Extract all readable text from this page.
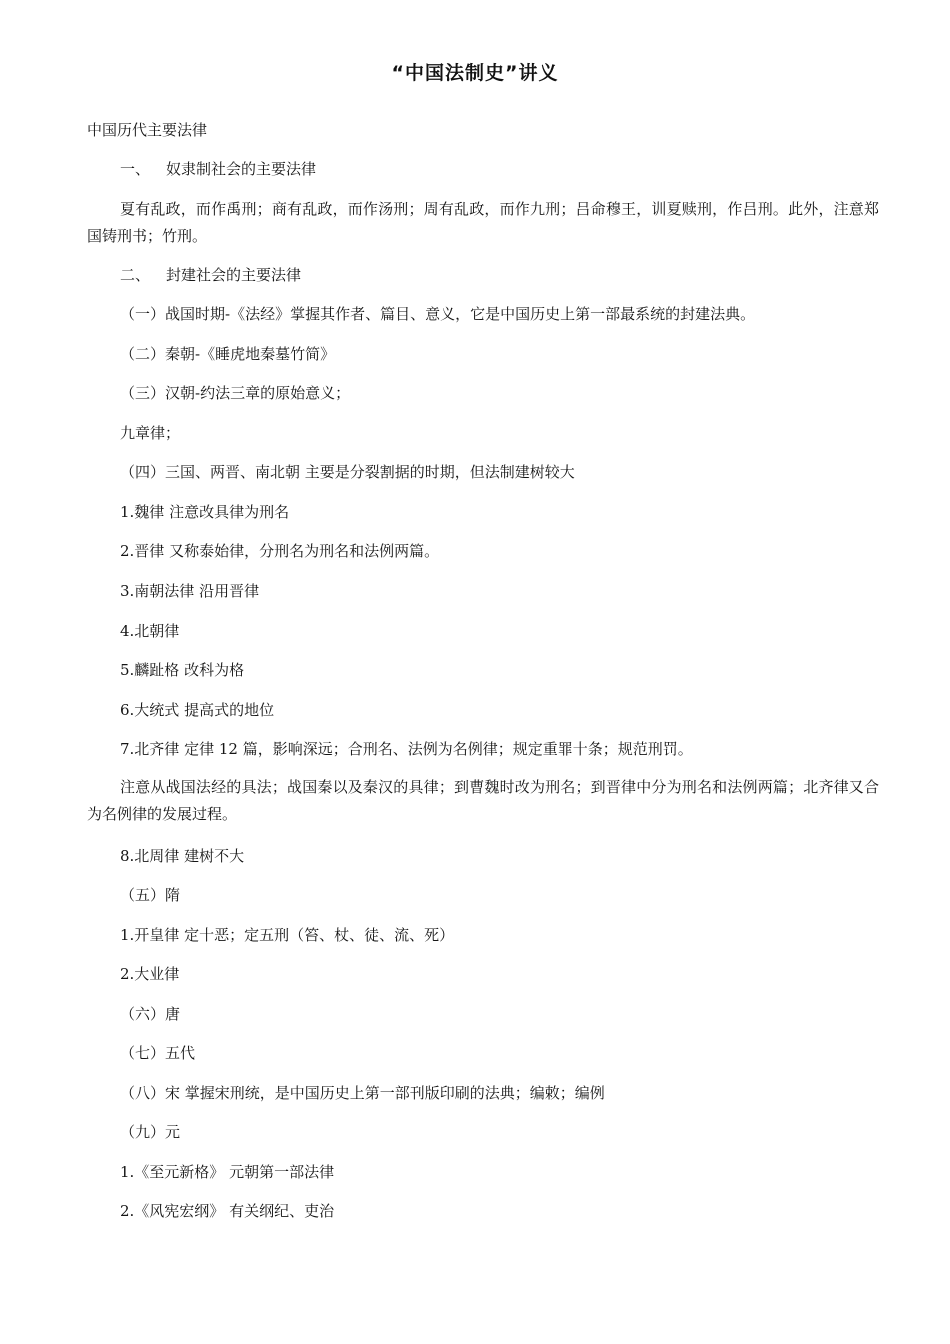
“中国法制史”讲义
中国历代主要法律
一、 奴隶制社会的主要法律
夏有乱政，而作禹刑；商有乱政，而作汤刑；周有乱政，而作九刑；吕命穆王，训夏赎刑，作吕刑。此外，注意郑国铸刑书；竹刑。
二、 封建社会的主要法律
（一）战国时期-《法经》掌握其作者、篇目、意义，它是中国历史上第一部最系统的封建法典。
（二）秦朝-《睡虎地秦墓竹简》
（三）汉朝-约法三章的原始意义；
九章律；
（四）三国、两晋、南北朝 主要是分裂割据的时期，但法制建树较大
1.魏律 注意改具律为刑名
2.晋律 又称泰始律，分刑名为刑名和法例两篇。
3.南朝法律 沿用晋律
4.北朝律
5.麟趾格 改科为格
6.大统式 提高式的地位
7.北齐律 定律 12 篇，影响深远；合刑名、法例为名例律；规定重罪十条；规范刑罚。
注意从战国法经的具法；战国秦以及秦汉的具律；到曹魏时改为刑名；到晋律中分为刑名和法例两篇；北齐律又合为名例律的发展过程。
8.北周律 建树不大
（五）隋
1.开皇律 定十恶；定五刑（笞、杖、徒、流、死）
2.大业律
（六）唐
（七）五代
（八）宋 掌握宋刑统，是中国历史上第一部刊版印刷的法典；编敕；编例
（九）元
1.《至元新格》 元朝第一部法律
2.《风宪宏纲》 有关纲纪、吏治
